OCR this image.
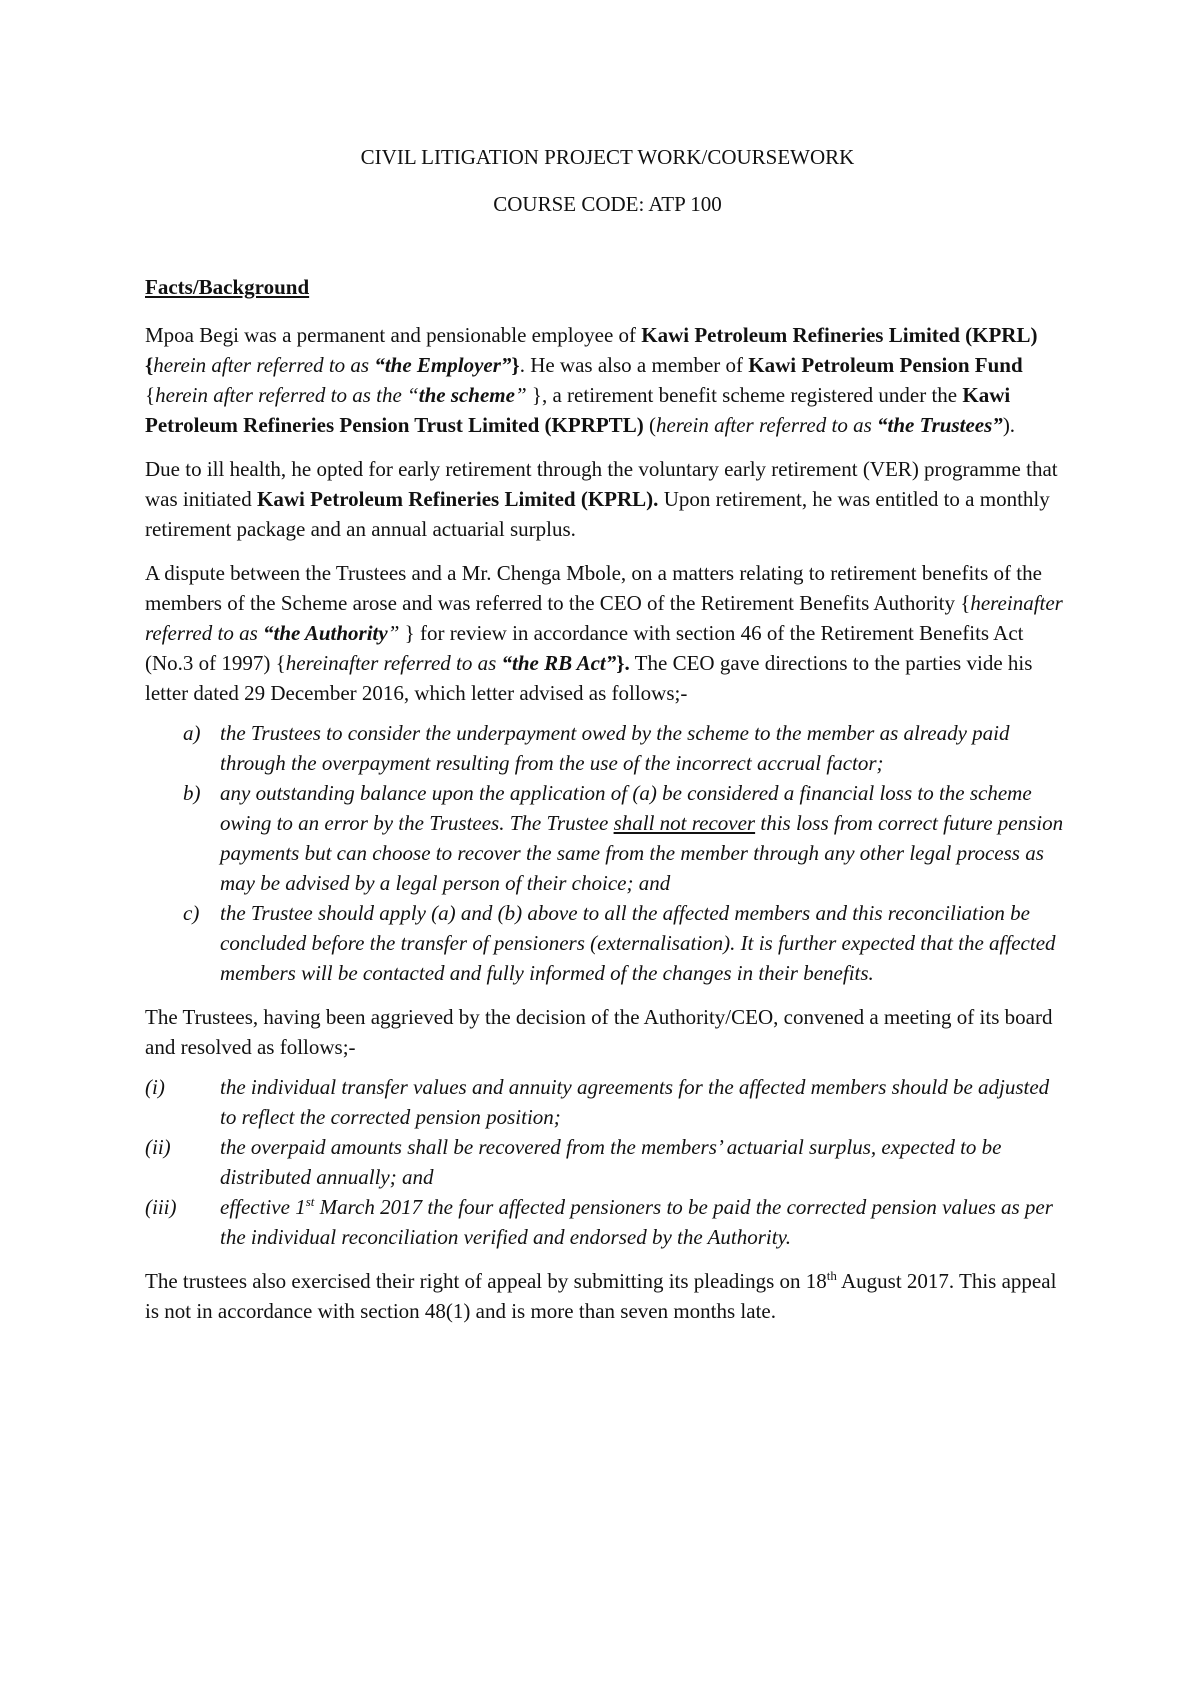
CIVIL LITIGATION PROJECT WORK/COURSEWORK
COURSE CODE: ATP 100
Facts/Background

Mpoa Begi was a permanent and pensionable employee of Kawi Petroleum Refineries Limited (KPRL) {herein after referred to as “the Employer”}. He was also a member of Kawi Petroleum Pension Fund {herein after referred to as the “the scheme” }, a retirement benefit scheme registered under the Kawi Petroleum Refineries Pension Trust Limited (KPRPTL) (herein after referred to as “the Trustees”).

Due to ill health, he opted for early retirement through the voluntary early retirement (VER) programme that was initiated Kawi Petroleum Refineries Limited (KPRL). Upon retirement, he was entitled to a monthly retirement package and an annual actuarial surplus.

A dispute between the Trustees and a Mr. Chenga Mbole, on a matters relating to retirement benefits of the members of the Scheme arose and was referred to the CEO of the Retirement Benefits Authority {hereinafter referred to as “the Authority” } for review in accordance with section 46 of the Retirement Benefits Act (No.3 of 1997) {hereinafter referred to as “the RB Act”}. The CEO gave directions to the parties vide his letter dated 29 December 2016, which letter advised as follows;-

a) the Trustees to consider the underpayment owed by the scheme to the member as already paid through the overpayment resulting from the use of the incorrect accrual factor;
b) any outstanding balance upon the application of (a) be considered a financial loss to the scheme owing to an error by the Trustees. The Trustee shall not recover this loss from correct future pension payments but can choose to recover the same from the member through any other legal process as may be advised by a legal person of their choice; and
c) the Trustee should apply (a) and (b) above to all the affected members and this reconciliation be concluded before the transfer of pensioners (externalisation). It is further expected that the affected members will be contacted and fully informed of the changes in their benefits.

The Trustees, having been aggrieved by the decision of the Authority/CEO, convened a meeting of its board and resolved as follows;-

(i)	the individual transfer values and annuity agreements for the affected members should be adjusted to reflect the corrected pension position;
(ii) the overpaid amounts shall be recovered from the members’ actuarial surplus, expected to be distributed annually; and
(iii) effective 1st March 2017 the four affected pensioners to be paid the corrected pension values as per the individual reconciliation verified and endorsed by the Authority.

The trustees also exercised their right of appeal by submitting its pleadings on 18th August 2017. This appeal is not in accordance with section 48(1) and is more than seven months late.
